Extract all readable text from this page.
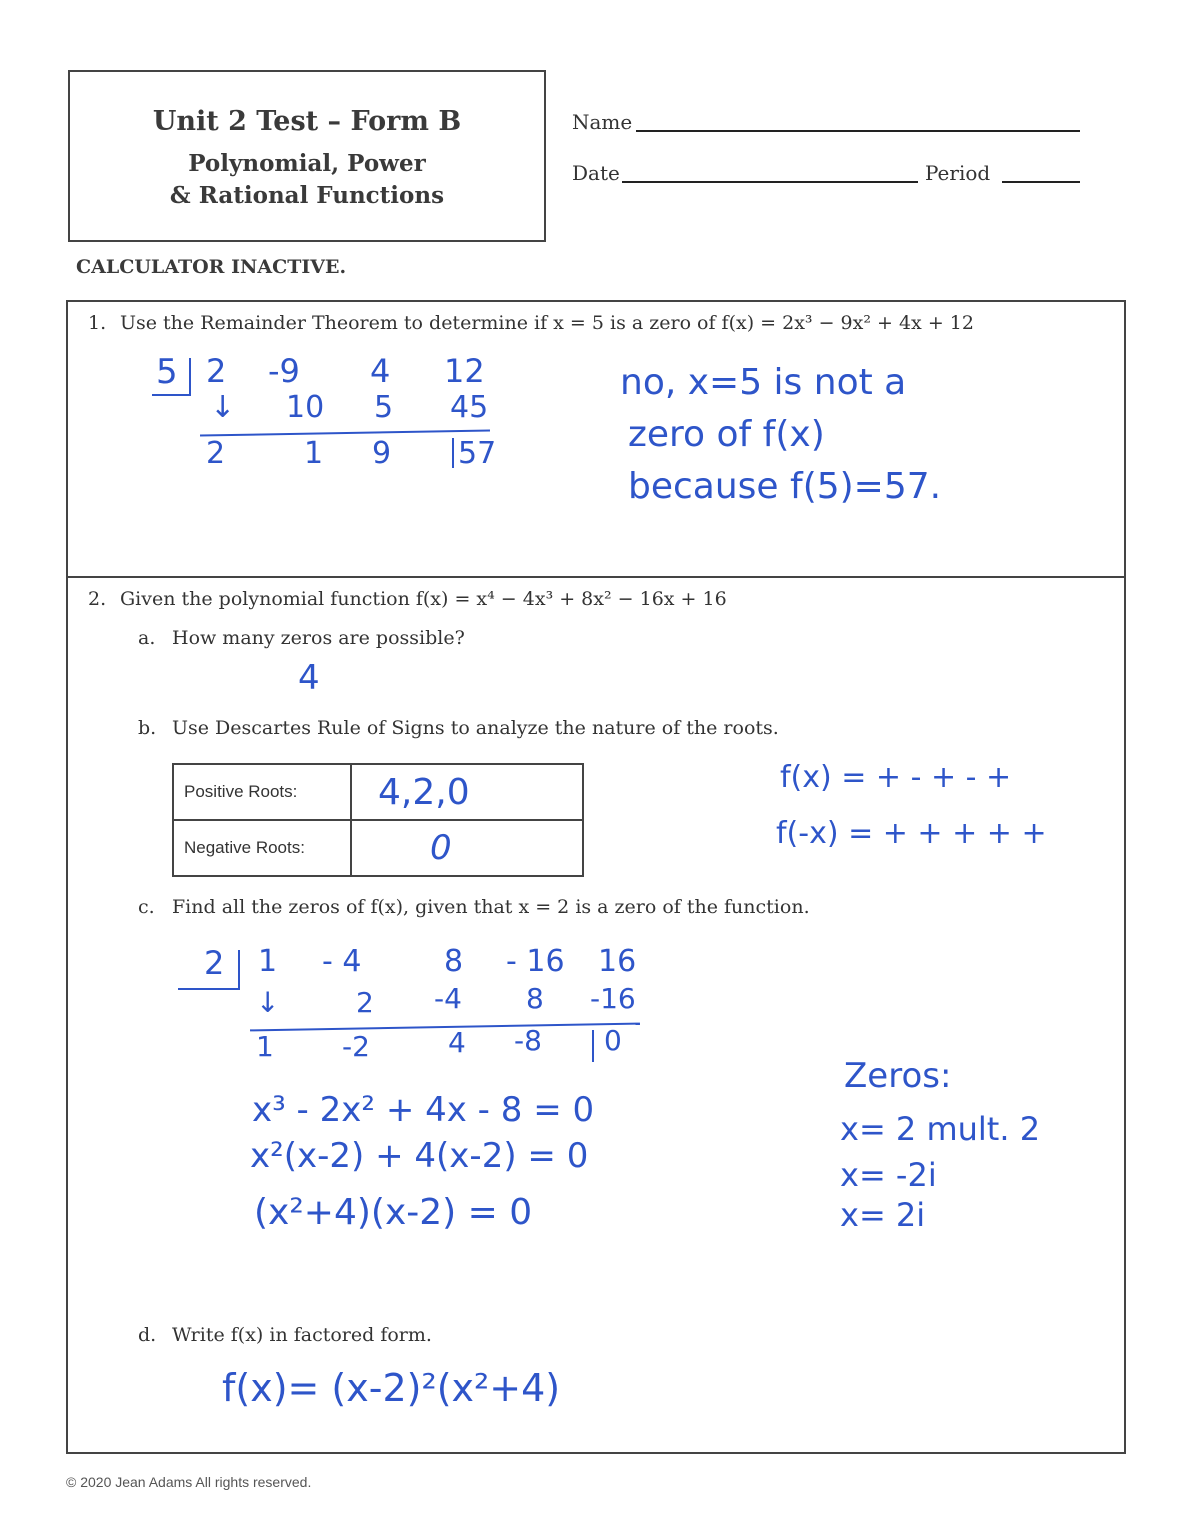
Unit 2 Test – Form B
Polynomial, Power
& Rational Functions
Name
Date	Period
CALCULATOR INACTIVE.
1. Use the Remainder Theorem to determine if x = 5 is a zero of f(x) = 2x³ − 9x² + 4x + 12
5 2 -9 4 12
↓ 10 5 45
2	1 9 57
no, x=5 is not a
zero of f(x)
because f(5)=57.
2. Given the polynomial function f(x) = x⁴ − 4x³ + 8x² − 16x + 16
a. How many zeros are possible?
4
b. Use Descartes Rule of Signs to analyze the nature of the roots.
Positive Roots:	4,2,0
Negative Roots:	0
f(x) = + - + - +
f(-x) = + + + + +
c. Find all the zeros of f(x), given that x = 2 is a zero of the function.
2 1 - 4	8 - 16 16
↓	2 -4 8 -16
1 -2	4 -8 0
x³ - 2x² + 4x - 8 = 0
x²(x-2) + 4(x-2) = 0
(x²+4)(x-2) = 0
Zeros:
x= 2 mult. 2
x= -2i
x= 2i
d. Write f(x) in factored form.
f(x)= (x-2)²(x²+4)
© 2020 Jean Adams All rights reserved.
